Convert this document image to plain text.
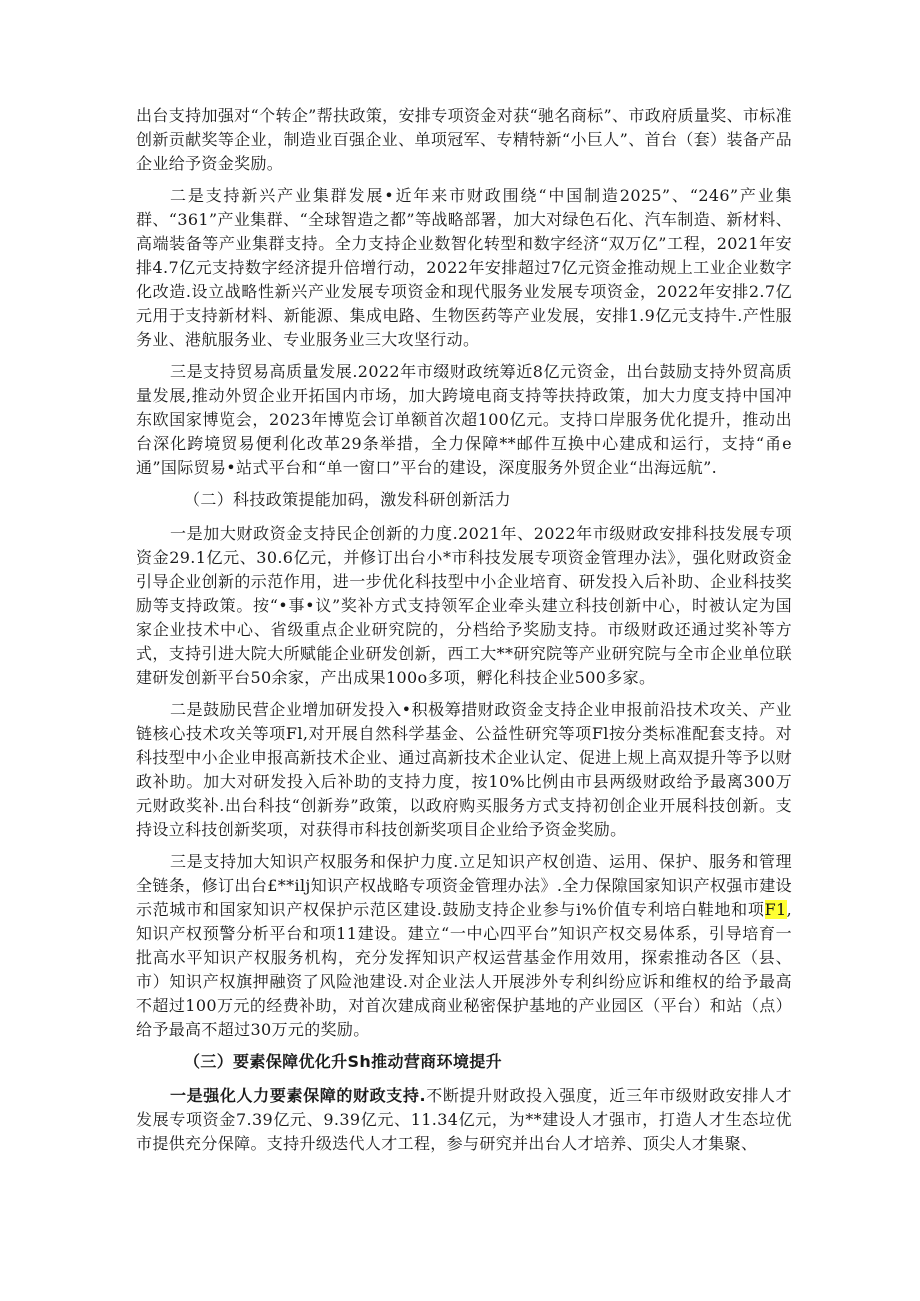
出台支持加强对“个转企”帮扶政策，安排专项资金对获“驰名商标”、市政府质量奖、市标准创新贡献奖等企业，制造业百强企业、单项冠军、专精特新“小巨人”、首台（套）装备产品企业给予资金奖励。

二是支持新兴产业集群发展•近年来市财政围绕“中国制造2025”、“246”产业集群、“361”产业集群、“全球智造之都”等战略部署，加大对绿色石化、汽车制造、新材料、高端装备等产业集群支持。全力支持企业数智化转型和数字经济“双万亿”工程，2021年安排4.7亿元支持数字经济提升倍增行动，2022年安排超过7亿元资金推动规上工业企业数字化改造.设立战略性新兴产业发展专项资金和现代服务业发展专项资金，2022年安排2.7亿元用于支持新材料、新能源、集成电路、生物医药等产业发展，安排1.9亿元支持牛.产性服务业、港航服务业、专业服务业三大攻坚行动。

三是支持贸易高质量发展.2022年市缀财政统筹近8亿元资金，出台鼓励支持外贸高质量发展,推动外贸企业开拓国内市场，加大跨境电商支持等扶持政策，加大力度支持中国冲东欧国家博览会，2023年博览会订单额首次超100亿元。支持口岸服务优化提升，推动出台深化跨境贸易便利化改革29条举措，全力保障**邮件互换中心建成和运行，支持“甬e通”国际贸易•站式平台和“单一窗口”平台的建设，深度服务外贸企业“出海远航”.

（二）科技政策提能加码，激发科研创新活力

一是加大财政资金支持民企创新的力度.2021年、2022年市级财政安排科技发展专项资金29.1亿元、30.6亿元，并修订出台小*市科技发展专项资金管理办法》，强化财政资金引导企业创新的示范作用，进一步优化科技型中小企业培育、研发投入后补助、企业科技奖励等支持政策。按“•事•议”奖补方式支持领军企业牵头建立科技创新中心，时被认定为国家企业技术中心、省级重点企业研究院的，分档给予奖励支持。市级财政还通过奖补等方式，支持引进大院大所赋能企业研发创新，西工大**研究院等产业研究院与全市企业单位联建研发创新平台50余家，产出成果100o多项，孵化科技企业500多家。

二是鼓励民营企业增加研发投入•积极筹措财政资金支持企业申报前沿技术攻关、产业链核心技术攻关等项Fl,对开展自然科学基金、公益性研究等项Fl按分类标准配套支持。对科技型中小企业申报高新技术企业、通过高新技术企业认定、促进上规上高双提升等予以财政补助。加大对研发投入后补助的支持力度，按10%比例由市县两级财政给予最离300万元财政奖补.出台科技“创新券”政策，以政府购买服务方式支持初创企业开展科技创新。支持设立科技创新奖项，对获得市科技创新奖项目企业给予资金奖励。

三是支持加大知识产权服务和保护力度.立足知识产权创造、运用、保护、服务和管理全链条，修订出台£**ilj知识产权战略专项资金管理办法》.全力保隙国家知识产权强市建设示范城市和国家知识产权保护示范区建设.鼓励支持企业参与i%价值专利培白鞋地和项F1,知识产权预警分析平台和项11建设。建立“一中心四平台”知识产权交易体系，引导培育一批高水平知识产权服务机构，充分发挥知识产权运营基金作用效用，探索推动各区（县、市）知识产权旗押融资了风险池建设.对企业法人开展涉外专利纠纷应诉和维权的给予最高不超过100万元的经费补助，对首次建成商业秘密保护基地的产业园区（平台）和站（点）给予最高不超过30万元的奖励。

（三）要素保障优化升Sh推动营商环境提升

一是强化人力要素保障的财政支持.不断提升财政投入强度，近三年市级财政安排人才发展专项资金7.39亿元、9.39亿元、11.34亿元，为**建设人才强市，打造人才生态垃优市提供充分保障。支持升级迭代人才工程，参与研究并出台人才培养、顶尖人才集聚、
